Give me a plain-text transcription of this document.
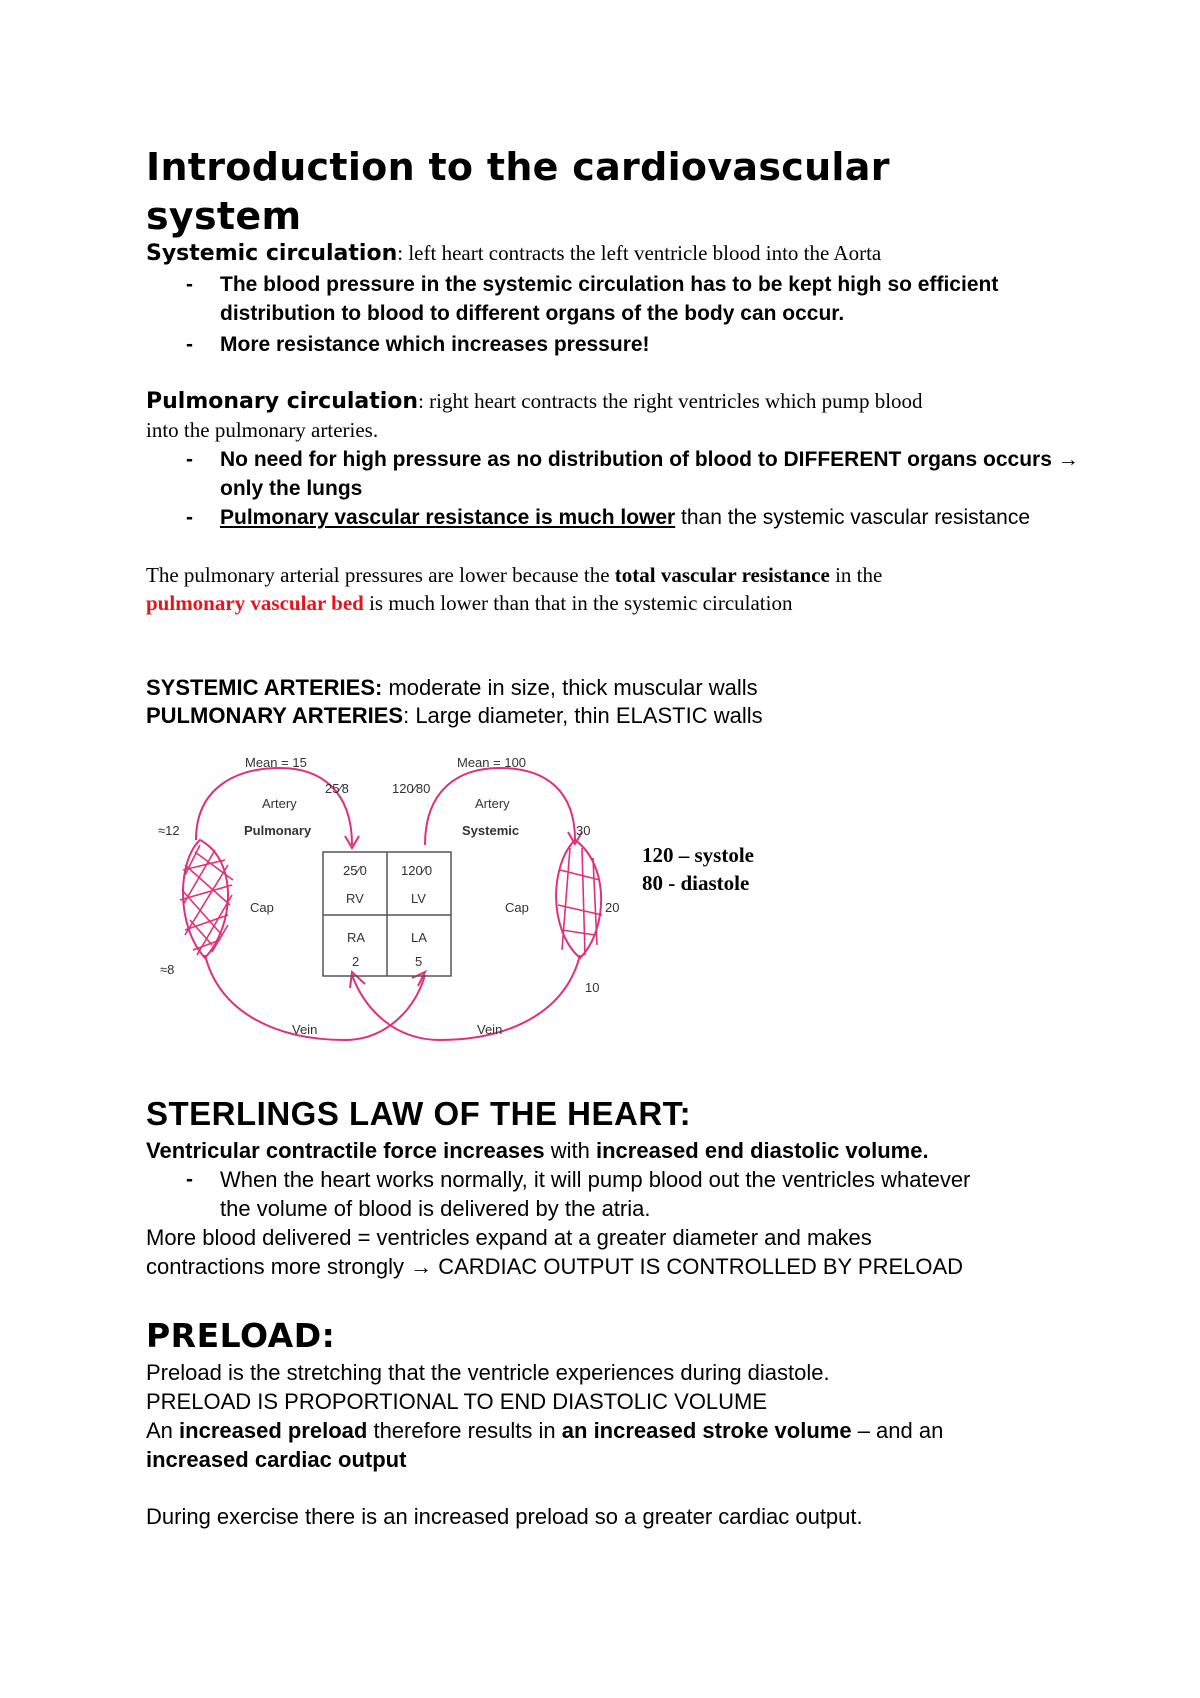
Introduction to the cardiovascular
system
Systemic circulation: left heart contracts the left ventricle blood into the Aorta
- The blood pressure in the systemic circulation has to be kept high so efficient
distribution to blood to different organs of the body can occur.
- More resistance which increases pressure!
Pulmonary circulation: right heart contracts the right ventricles which pump blood
into the pulmonary arteries.
- No need for high pressure as no distribution of blood to DIFFERENT organs occurs →
only the lungs
- Pulmonary vascular resistance is much lower than the systemic vascular resistance
The pulmonary arterial pressures are lower because the total vascular resistance in the
pulmonary vascular bed is much lower than that in the systemic circulation
SYSTEMIC ARTERIES: moderate in size, thick muscular walls
PULMONARY ARTERIES: Large diameter, thin ELASTIC walls
Mean = 15	Mean = 100
25⁄8	120⁄80
Artery	Artery
Pulmonary	Systemic
≈12
≈8
Cap	Cap
Vein	Vein
25⁄0
RV
120⁄0
LV
RA
2
LA
5
30
20
10
120 – systole
80 - diastole
STERLINGS LAW OF THE HEART:
Ventricular contractile force increases with increased end diastolic volume.
- When the heart works normally, it will pump blood out the ventricles whatever
the volume of blood is delivered by the atria.
More blood delivered = ventricles expand at a greater diameter and makes
contractions more strongly → CARDIAC OUTPUT IS CONTROLLED BY PRELOAD
PRELOAD:
Preload is the stretching that the ventricle experiences during diastole.
PRELOAD IS PROPORTIONAL TO END DIASTOLIC VOLUME
An increased preload therefore results in an increased stroke volume – and an
increased cardiac output
During exercise there is an increased preload so a greater cardiac output.
